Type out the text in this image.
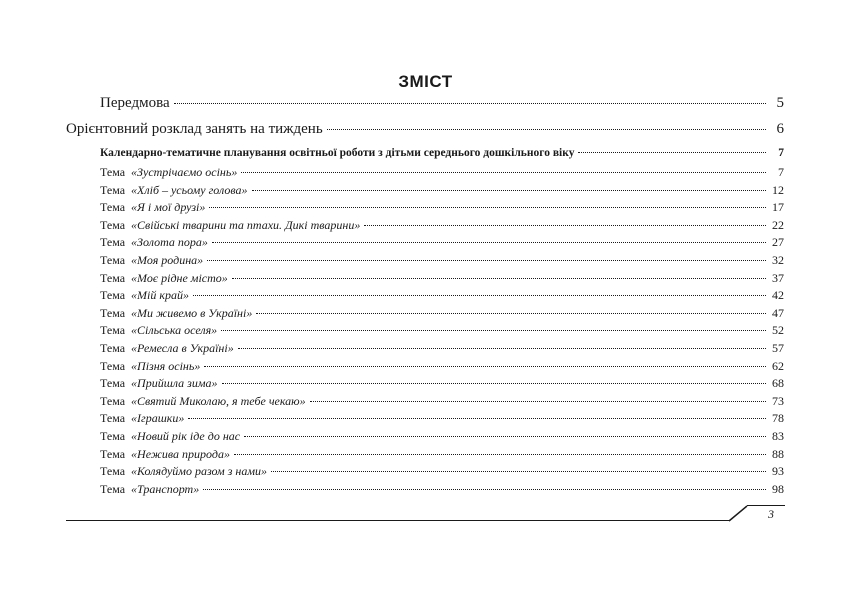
ЗМІСТ
Передмова	5
Орієнтовний розклад занять на тиждень	6
Календарно-тематичне планування освітньої роботи з дітьми середнього дошкільного віку	7
Тема «Зустрічаємо осінь»	7
Тема «Хліб – усьому голова»	12
Тема «Я і мої друзі»	17
Тема «Свійські тварини та птахи. Дикі тварини»	22
Тема «Золота пора»	27
Тема «Моя родина»	32
Тема «Моє рідне місто»	37
Тема «Мій край»	42
Тема «Ми живемо в Україні»	47
Тема «Сільська оселя»	52
Тема «Ремесла в Україні»	57
Тема «Пізня осінь»	62
Тема «Прийшла зима»	68
Тема «Святий Миколаю, я тебе чекаю»	73
Тема «Іграшки»	78
Тема «Новий рік іде до нас	83
Тема «Нежива природа»	88
Тема «Колядуймо разом з нами»	93
Тема «Транспорт»	98
3
